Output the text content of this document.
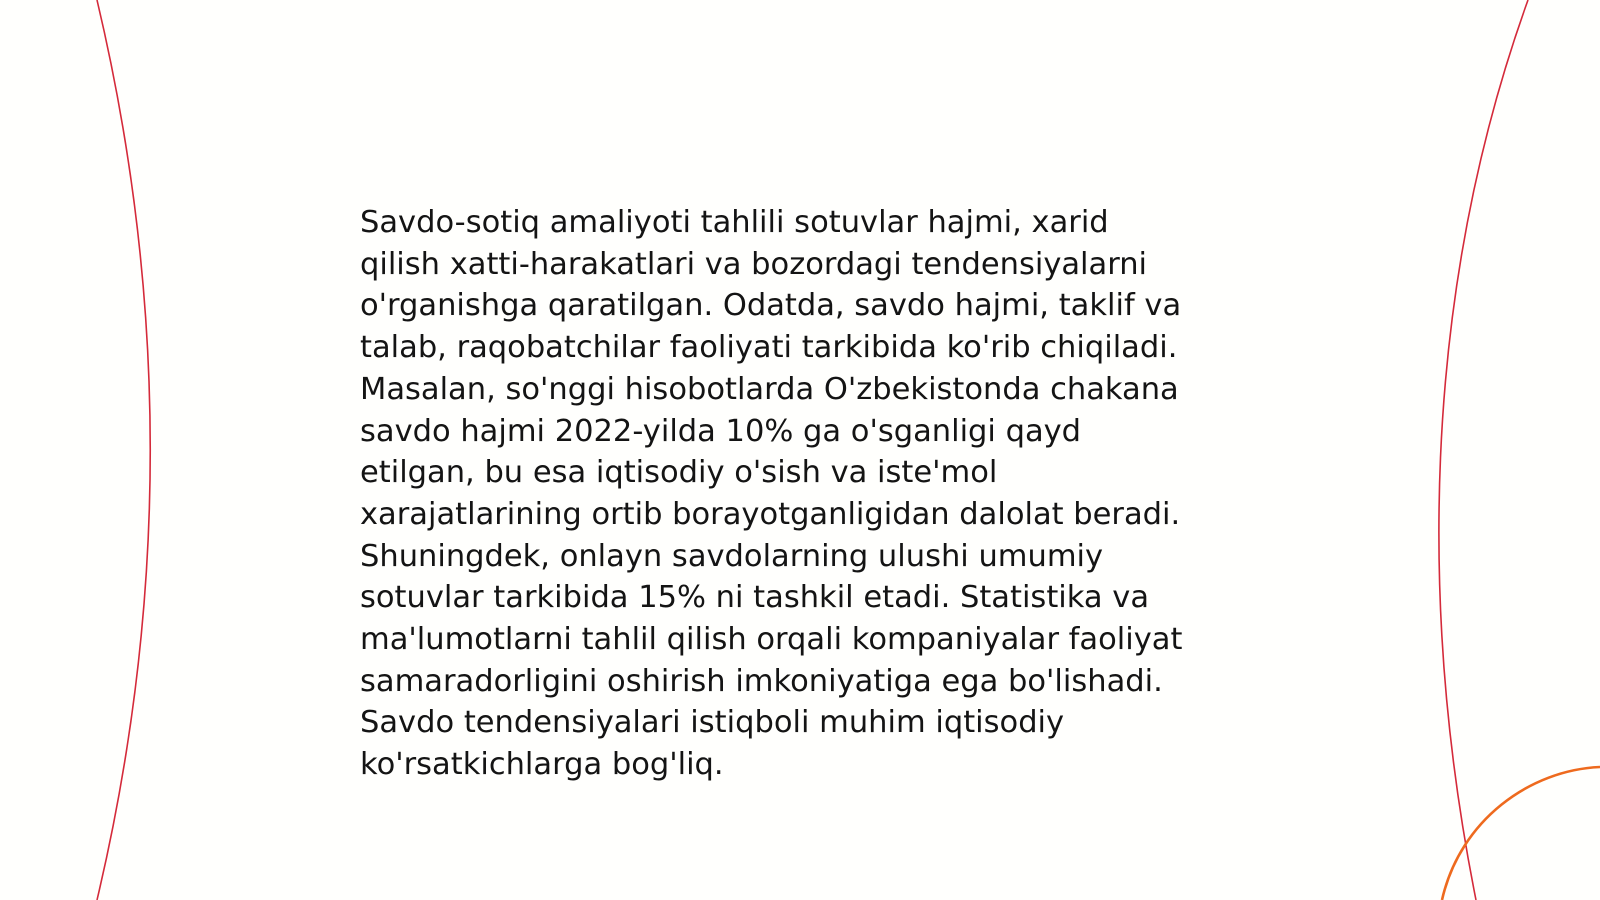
Savdo-sotiq amaliyoti tahlili sotuvlar hajmi, xarid
qilish xatti-harakatlari va bozordagi tendensiyalarni
o'rganishga qaratilgan. Odatda, savdo hajmi, taklif va
talab, raqobatchilar faoliyati tarkibida ko'rib chiqiladi.
Masalan, so'nggi hisobotlarda O'zbekistonda chakana
savdo hajmi 2022-yilda 10% ga o'sganligi qayd
etilgan, bu esa iqtisodiy o'sish va iste'mol
xarajatlarining ortib borayotganligidan dalolat beradi.
Shuningdek, onlayn savdolarning ulushi umumiy
sotuvlar tarkibida 15% ni tashkil etadi. Statistika va
ma'lumotlarni tahlil qilish orqali kompaniyalar faoliyat
samaradorligini oshirish imkoniyatiga ega bo'lishadi.
Savdo tendensiyalari istiqboli muhim iqtisodiy
ko'rsatkichlarga bog'liq.
